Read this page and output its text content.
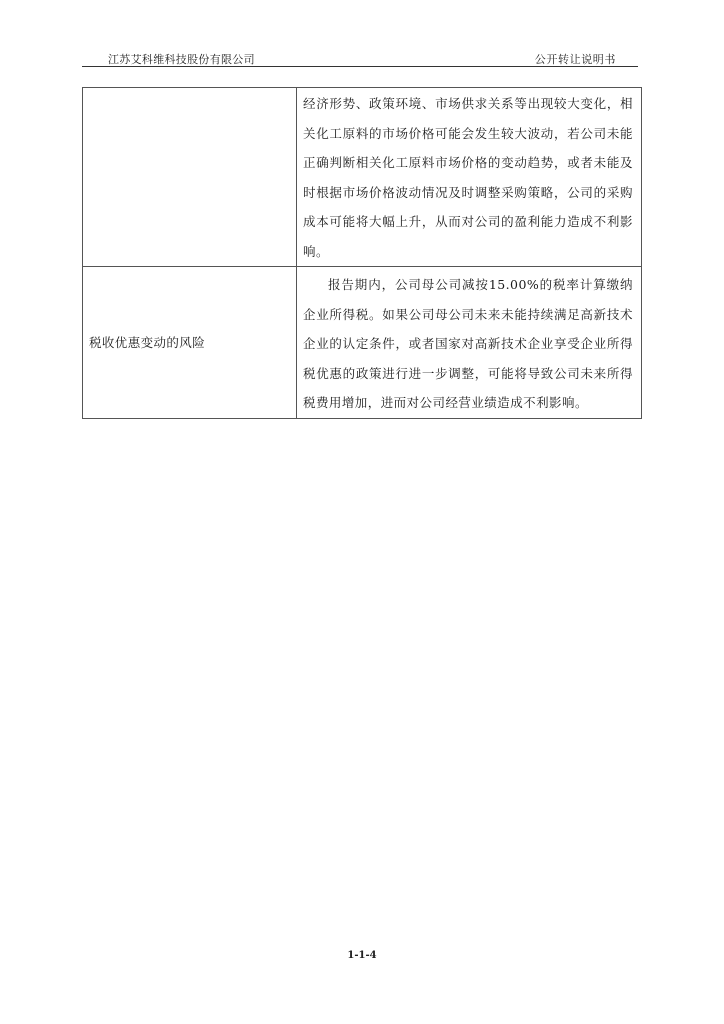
江苏艾科维科技股份有限公司	公开转让说明书

	经济形势、政策环境、市场供求关系等出现较大变化，相关化工原料的市场价格可能会发生较大波动，若公司未能正确判断相关化工原料市场价格的变动趋势，或者未能及时根据市场价格波动情况及时调整采购策略，公司的采购成本可能将大幅上升，从而对公司的盈利能力造成不利影响。

税收优惠变动的风险	报告期内，公司母公司减按15.00%的税率计算缴纳企业所得税。如果公司母公司未来未能持续满足高新技术企业的认定条件，或者国家对高新技术企业享受企业所得税优惠的政策进行进一步调整，可能将导致公司未来所得税费用增加，进而对公司经营业绩造成不利影响。
1-1-4
